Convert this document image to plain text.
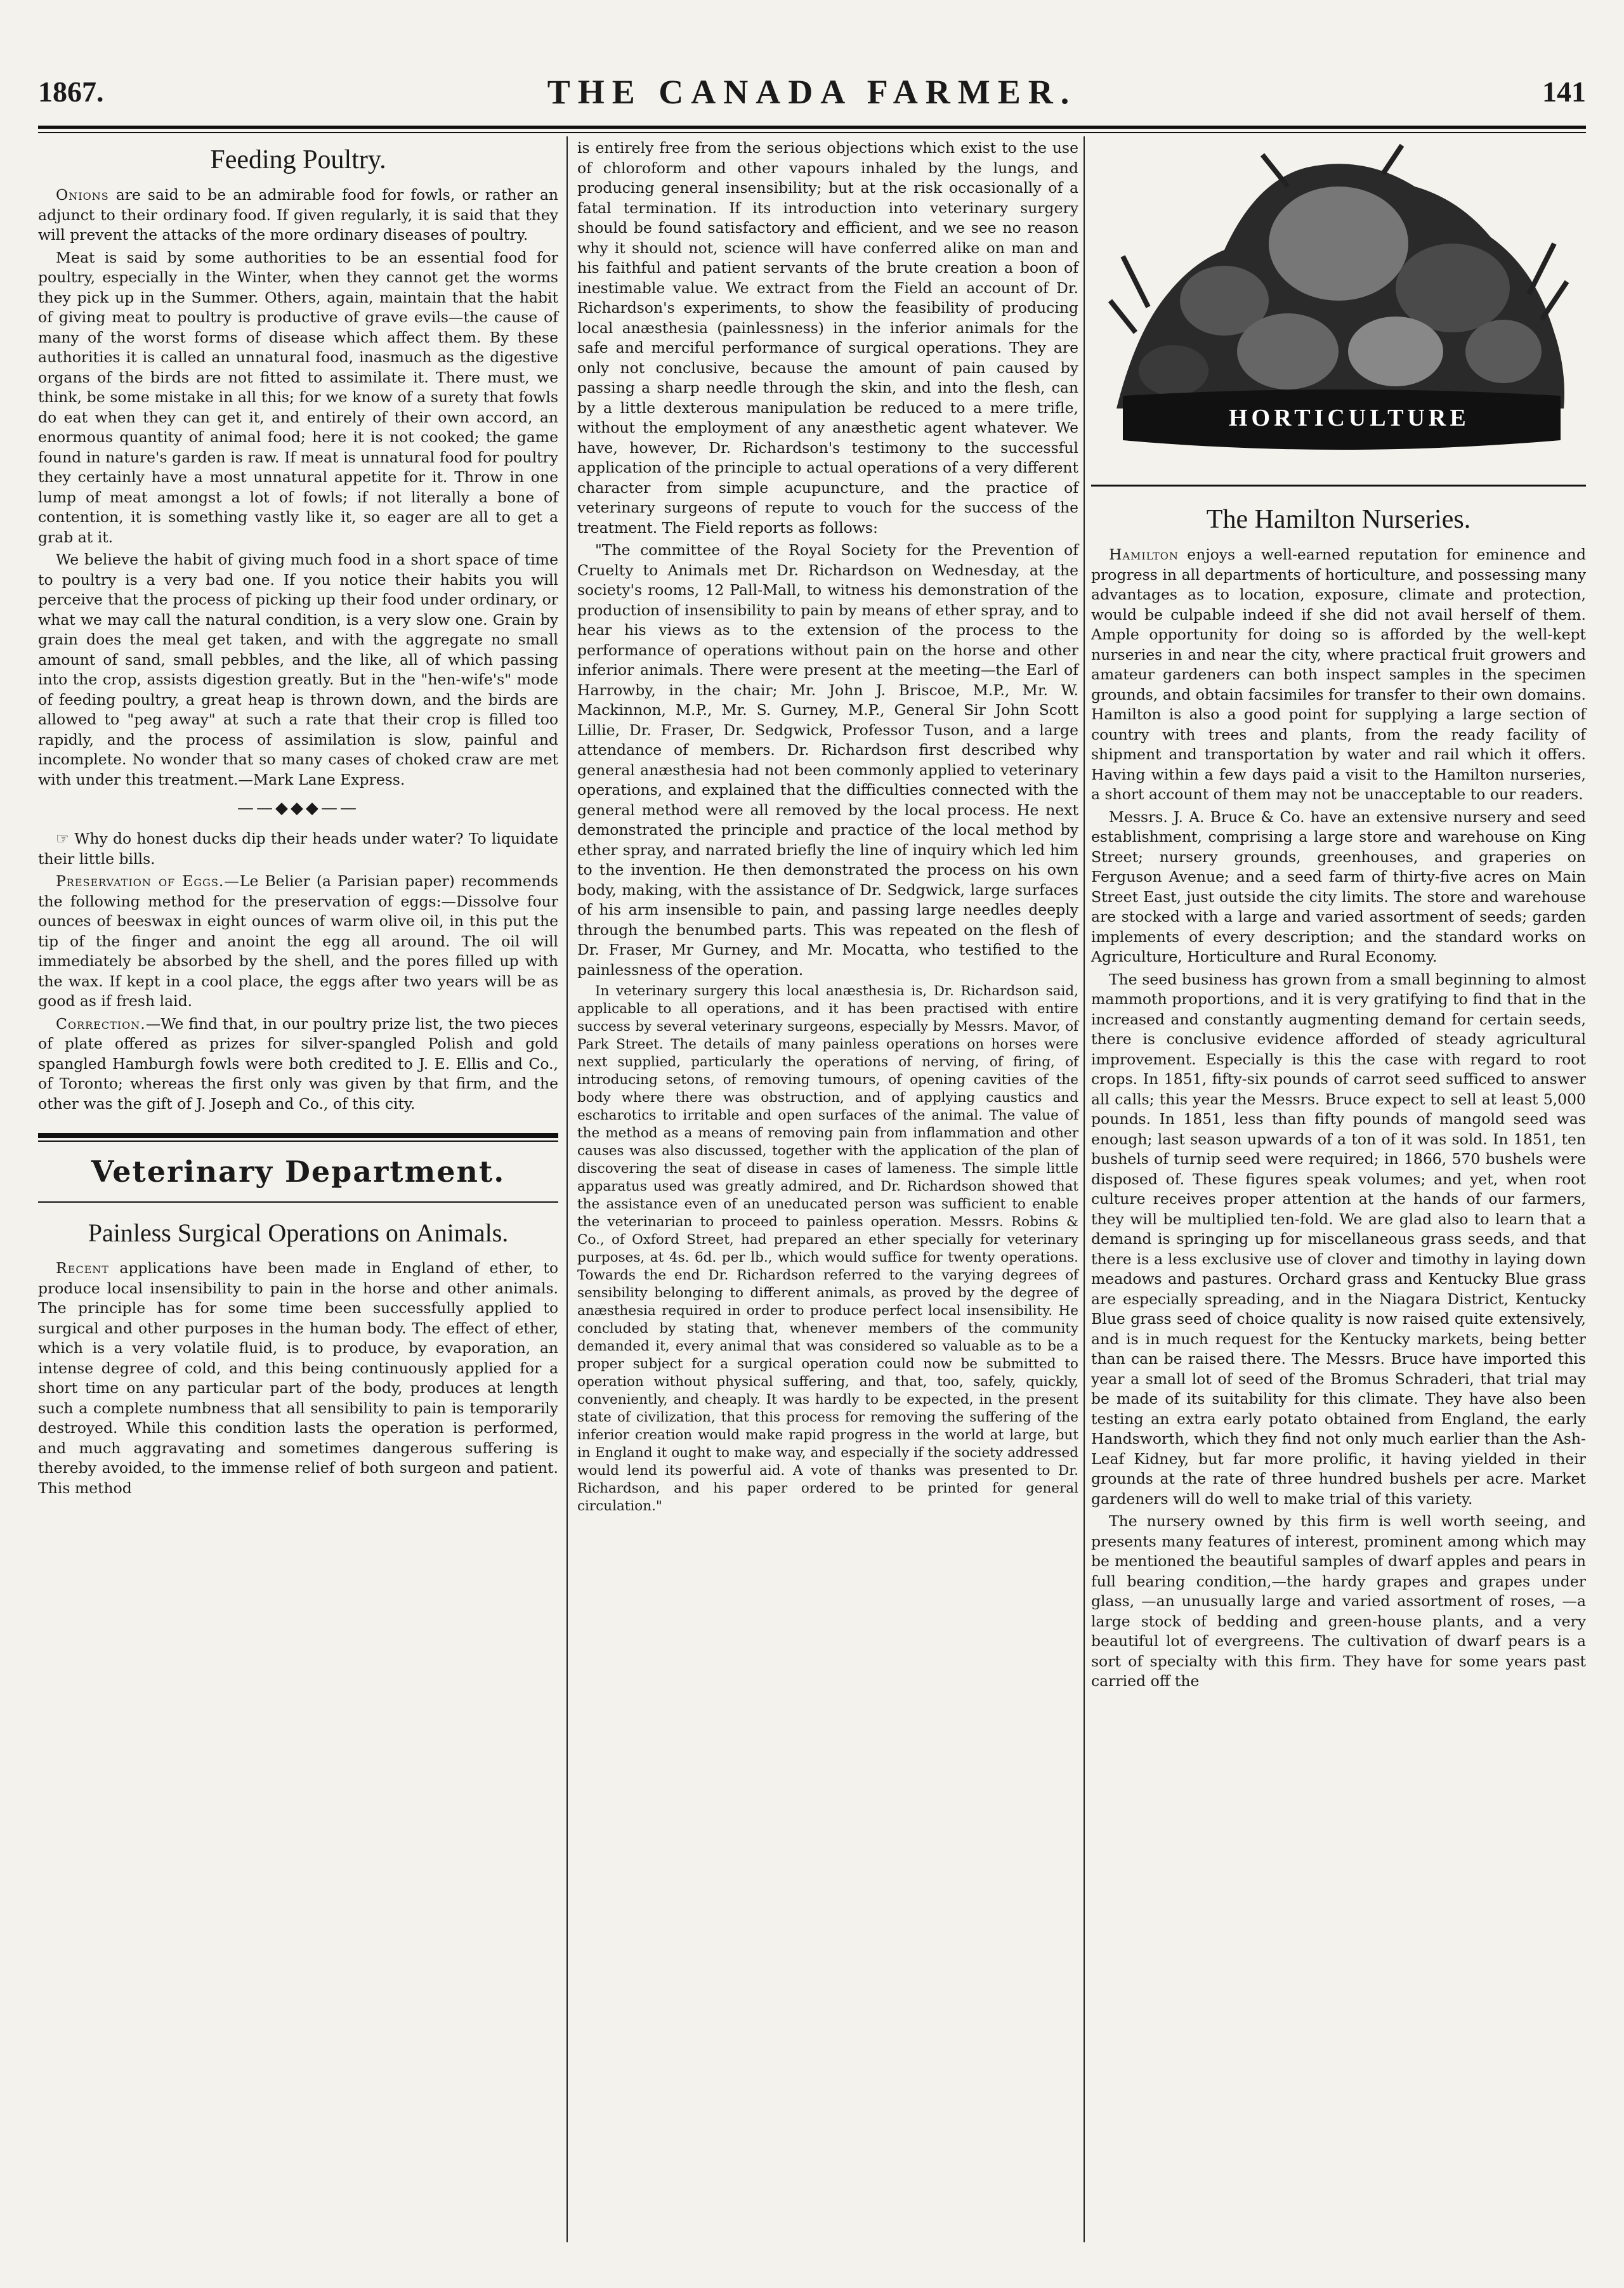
1867.	THE CANADA FARMER.	141
Feeding Poultry.

Onions are said to be an admirable food for fowls, or rather an adjunct to their ordinary food. If given regularly, it is said that they will prevent the attacks of the more ordinary diseases of poultry.

Meat is said by some authorities to be an essential food for poultry, especially in the Winter, when they cannot get the worms they pick up in the Summer. Others, again, maintain that the habit of giving meat to poultry is productive of grave evils—the cause of many of the worst forms of disease which affect them. By these authorities it is called an unnatural food, inasmuch as the digestive organs of the birds are not fitted to assimilate it. There must, we think, be some mistake in all this; for we know of a surety that fowls do eat when they can get it, and entirely of their own accord, an enormous quantity of animal food; here it is not cooked; the game found in nature's garden is raw. If meat is unnatural food for poultry they certainly have a most unnatural appetite for it. Throw in one lump of meat amongst a lot of fowls; if not literally a bone of contention, it is something vastly like it, so eager are all to get a grab at it.

We believe the habit of giving much food in a short space of time to poultry is a very bad one. If you notice their habits you will perceive that the process of picking up their food under ordinary, or what we may call the natural condition, is a very slow one. Grain by grain does the meal get taken, and with the aggregate no small amount of sand, small pebbles, and the like, all of which passing into the crop, assists digestion greatly. But in the "hen-wife's" mode of feeding poultry, a great heap is thrown down, and the birds are allowed to "peg away" at such a rate that their crop is filled too rapidly, and the process of assimilation is slow, painful and incomplete. No wonder that so many cases of choked craw are met with under this treatment.—Mark Lane Express.

——◆◆◆——

☞ Why do honest ducks dip their heads under water? To liquidate their little bills.

Preservation of Eggs.—Le Belier (a Parisian paper) recommends the following method for the preservation of eggs:—Dissolve four ounces of beeswax in eight ounces of warm olive oil, in this put the tip of the finger and anoint the egg all around. The oil will immediately be absorbed by the shell, and the pores filled up with the wax. If kept in a cool place, the eggs after two years will be as good as if fresh laid.

Correction.—We find that, in our poultry prize list, the two pieces of plate offered as prizes for silver-spangled Polish and gold spangled Hamburgh fowls were both credited to J. E. Ellis and Co., of Toronto; whereas the first only was given by that firm, and the other was the gift of J. Joseph and Co., of this city.

Veterinary Department.
Painless Surgical Operations on Animals.

Recent applications have been made in England of ether, to produce local insensibility to pain in the horse and other animals. The principle has for some time been successfully applied to surgical and other purposes in the human body. The effect of ether, which is a very volatile fluid, is to produce, by evaporation, an intense degree of cold, and this being continuously applied for a short time on any particular part of the body, produces at length such a complete numbness that all sensibility to pain is temporarily destroyed. While this condition lasts the operation is performed, and much aggravating and sometimes dangerous suffering is thereby avoided, to the immense relief of both surgeon and patient. This method

is entirely free from the serious objections which exist to the use of chloroform and other vapours inhaled by the lungs, and producing general insensibility; but at the risk occasionally of a fatal termination. If its introduction into veterinary surgery should be found satisfactory and efficient, and we see no reason why it should not, science will have conferred alike on man and his faithful and patient servants of the brute creation a boon of inestimable value. We extract from the Field an account of Dr. Richardson's experiments, to show the feasibility of producing local anæsthesia (painlessness) in the inferior animals for the safe and merciful performance of surgical operations. They are only not conclusive, because the amount of pain caused by passing a sharp needle through the skin, and into the flesh, can by a little dexterous manipulation be reduced to a mere trifle, without the employment of any anæsthetic agent whatever. We have, however, Dr. Richardson's testimony to the successful application of the principle to actual operations of a very different character from simple acupuncture, and the practice of veterinary surgeons of repute to vouch for the success of the treatment. The Field reports as follows:

"The committee of the Royal Society for the Prevention of Cruelty to Animals met Dr. Richardson on Wednesday, at the society's rooms, 12 Pall-Mall, to witness his demonstration of the production of insensibility to pain by means of ether spray, and to hear his views as to the extension of the process to the performance of operations without pain on the horse and other inferior animals. There were present at the meeting—the Earl of Harrowby, in the chair; Mr. John J. Briscoe, M.P., Mr. W. Mackinnon, M.P., Mr. S. Gurney, M.P., General Sir John Scott Lillie, Dr. Fraser, Dr. Sedgwick, Professor Tuson, and a large attendance of members. Dr. Richardson first described why general anæsthesia had not been commonly applied to veterinary operations, and explained that the difficulties connected with the general method were all removed by the local process. He next demonstrated the principle and practice of the local method by ether spray, and narrated briefly the line of inquiry which led him to the invention. He then demonstrated the process on his own body, making, with the assistance of Dr. Sedgwick, large surfaces of his arm insensible to pain, and passing large needles deeply through the benumbed parts. This was repeated on the flesh of Dr. Fraser, Mr Gurney, and Mr. Mocatta, who testified to the painlessness of the operation.

In veterinary surgery this local anæsthesia is, Dr. Richardson said, applicable to all operations, and it has been practised with entire success by several veterinary surgeons, especially by Messrs. Mavor, of Park Street. The details of many painless operations on horses were next supplied, particularly the operations of nerving, of firing, of introducing setons, of removing tumours, of opening cavities of the body where there was obstruction, and of applying caustics and escharotics to irritable and open surfaces of the animal. The value of the method as a means of removing pain from inflammation and other causes was also discussed, together with the application of the plan of discovering the seat of disease in cases of lameness. The simple little apparatus used was greatly admired, and Dr. Richardson showed that the assistance even of an uneducated person was sufficient to enable the veterinarian to proceed to painless operation. Messrs. Robins & Co., of Oxford Street, had prepared an ether specially for veterinary purposes, at 4s. 6d. per lb., which would suffice for twenty operations. Towards the end Dr. Richardson referred to the varying degrees of sensibility belonging to different animals, as proved by the degree of anæsthesia required in order to produce perfect local insensibility. He concluded by stating that, whenever members of the community demanded it, every animal that was considered so valuable as to be a proper subject for a surgical operation could now be submitted to operation without physical suffering, and that, too, safely, quickly, conveniently, and cheaply. It was hardly to be expected, in the present state of civilization, that this process for removing the suffering of the inferior creation would make rapid progress in the world at large, but in England it ought to make way, and especially if the society addressed would lend its powerful aid. A vote of thanks was presented to Dr. Richardson, and his paper ordered to be printed for general circulation."

HORTICULTURE
The Hamilton Nurseries.

Hamilton enjoys a well-earned reputation for eminence and progress in all departments of horticulture, and possessing many advantages as to location, exposure, climate and protection, would be culpable indeed if she did not avail herself of them. Ample opportunity for doing so is afforded by the well-kept nurseries in and near the city, where practical fruit growers and amateur gardeners can both inspect samples in the specimen grounds, and obtain facsimiles for transfer to their own domains. Hamilton is also a good point for supplying a large section of country with trees and plants, from the ready facility of shipment and transportation by water and rail which it offers. Having within a few days paid a visit to the Hamilton nurseries, a short account of them may not be unacceptable to our readers.

Messrs. J. A. Bruce & Co. have an extensive nursery and seed establishment, comprising a large store and warehouse on King Street; nursery grounds, greenhouses, and graperies on Ferguson Avenue; and a seed farm of thirty-five acres on Main Street East, just outside the city limits. The store and warehouse are stocked with a large and varied assortment of seeds; garden implements of every description; and the standard works on Agriculture, Horticulture and Rural Economy.

The seed business has grown from a small beginning to almost mammoth proportions, and it is very gratifying to find that in the increased and constantly augmenting demand for certain seeds, there is conclusive evidence afforded of steady agricultural improvement. Especially is this the case with regard to root crops. In 1851, fifty-six pounds of carrot seed sufficed to answer all calls; this year the Messrs. Bruce expect to sell at least 5,000 pounds. In 1851, less than fifty pounds of mangold seed was enough; last season upwards of a ton of it was sold. In 1851, ten bushels of turnip seed were required; in 1866, 570 bushels were disposed of. These figures speak volumes; and yet, when root culture receives proper attention at the hands of our farmers, they will be multiplied ten-fold. We are glad also to learn that a demand is springing up for miscellaneous grass seeds, and that there is a less exclusive use of clover and timothy in laying down meadows and pastures. Orchard grass and Kentucky Blue grass are especially spreading, and in the Niagara District, Kentucky Blue grass seed of choice quality is now raised quite extensively, and is in much request for the Kentucky markets, being better than can be raised there. The Messrs. Bruce have imported this year a small lot of seed of the Bromus Schraderi, that trial may be made of its suitability for this climate. They have also been testing an extra early potato obtained from England, the early Handsworth, which they find not only much earlier than the Ash-Leaf Kidney, but far more prolific, it having yielded in their grounds at the rate of three hundred bushels per acre. Market gardeners will do well to make trial of this variety.

The nursery owned by this firm is well worth seeing, and presents many features of interest, prominent among which may be mentioned the beautiful samples of dwarf apples and pears in full bearing condition,—the hardy grapes and grapes under glass, —an unusually large and varied assortment of roses, —a large stock of bedding and green-house plants, and a very beautiful lot of evergreens. The cultivation of dwarf pears is a sort of specialty with this firm. They have for some years past carried off the
